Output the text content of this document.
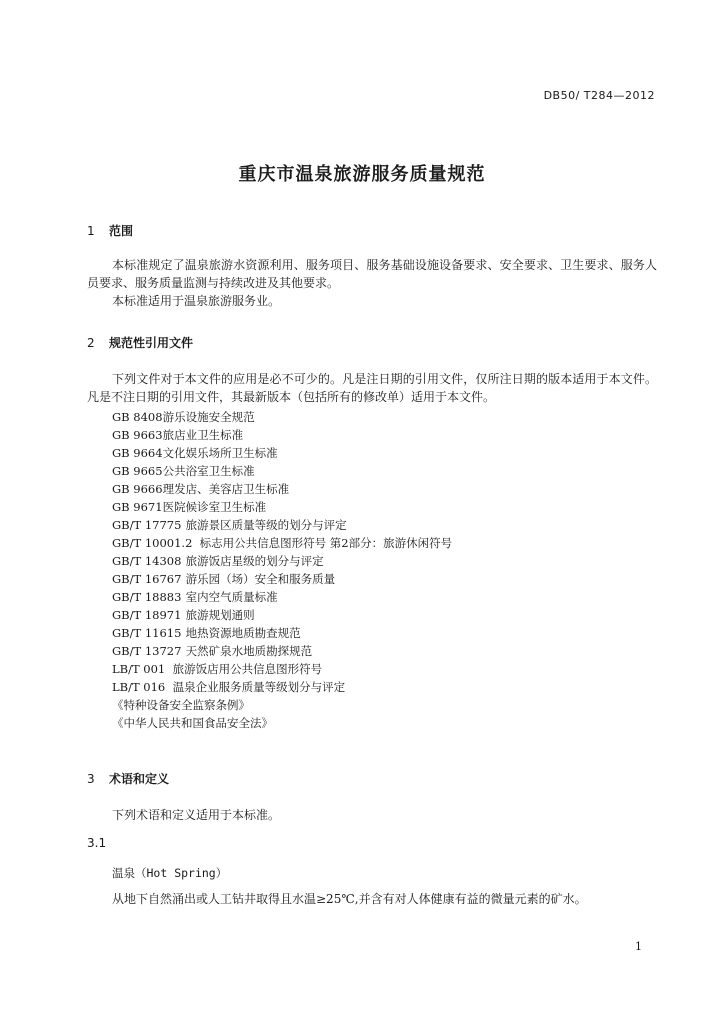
DB50/ T284—2012
重庆市温泉旅游服务质量规范
1 范围
本标准规定了温泉旅游水资源利用、服务项目、服务基础设施设备要求、安全要求、卫生要求、服务人员要求、服务质量监测与持续改进及其他要求。
本标准适用于温泉旅游服务业。
2 规范性引用文件
下列文件对于本文件的应用是必不可少的。凡是注日期的引用文件，仅所注日期的版本适用于本文件。凡是不注日期的引用文件，其最新版本（包括所有的修改单）适用于本文件。
GB 8408 游乐设施安全规范
GB 9663 旅店业卫生标准
GB 9664 文化娱乐场所卫生标准
GB 9665 公共浴室卫生标准
GB 9666 理发店、美容店卫生标准
GB 9671 医院候诊室卫生标准
GB/T 17775 旅游景区质量等级的划分与评定
GB/T 10001.2 标志用公共信息图形符号 第2部分：旅游休闲符号
GB/T 14308 旅游饭店星级的划分与评定
GB/T 16767 游乐园（场）安全和服务质量
GB/T 18883 室内空气质量标准
GB/T 18971 旅游规划通则
GB/T 11615 地热资源地质勘查规范
GB/T 13727 天然矿泉水地质勘探规范
LB/T 001 旅游饭店用公共信息图形符号
LB/T 016 温泉企业服务质量等级划分与评定
《特种设备安全监察条例》
《中华人民共和国食品安全法》
3 术语和定义
下列术语和定义适用于本标准。
3.1
温泉（Hot Spring）
从地下自然涌出或人工钻井取得且水温≥25℃,并含有对人体健康有益的微量元素的矿水。
1
